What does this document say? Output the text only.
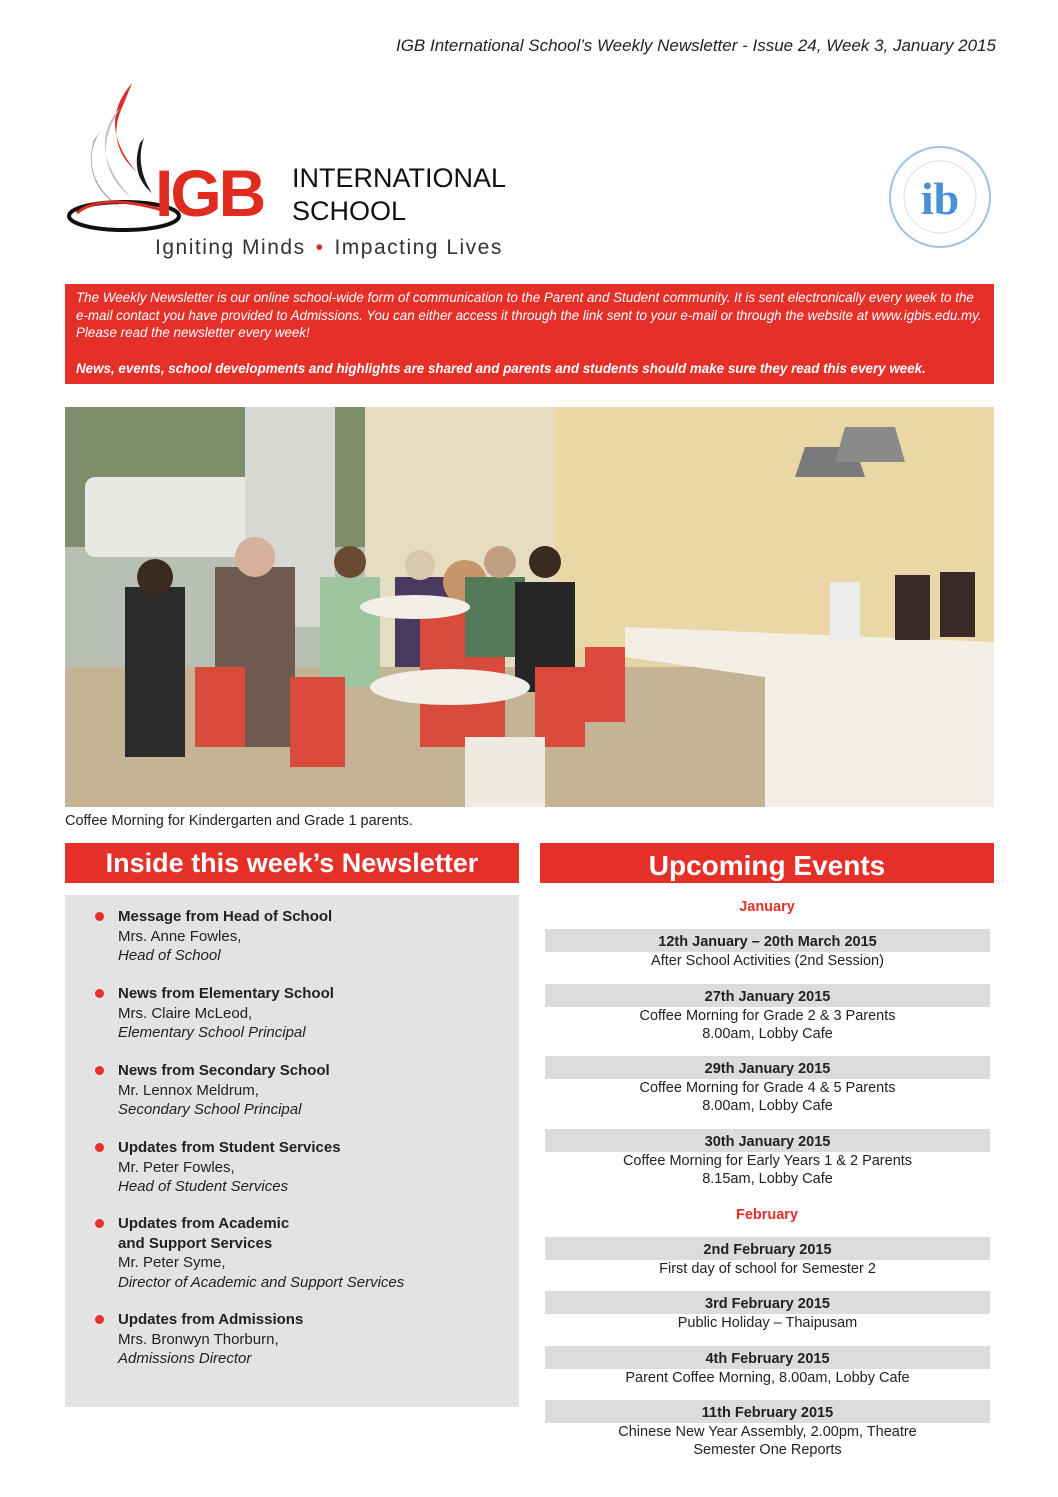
IGB International School’s Weekly Newsletter - Issue 24, Week 3, January 2015
IGB INTERNATIONAL
SCHOOL
Igniting Minds • Impacting Lives
ib

The Weekly Newsletter is our online school-wide form of communication to the Parent and Student community. It is sent electronically every week to the e-mail contact you have provided to Admissions. You can either access it through the link sent to your e-mail or through the website at www.igbis.edu.my. Please read the newsletter every week!

News, events, school developments and highlights are shared and parents and students should make sure they read this every week.

Coffee Morning for Kindergarten and Grade 1 parents.
Inside this week’s Newsletter
Message from Head of School
Mrs. Anne Fowles,
Head of School
News from Elementary School
Mrs. Claire McLeod,
Elementary School Principal
News from Secondary School
Mr. Lennox Meldrum,
Secondary School Principal
Updates from Student Services
Mr. Peter Fowles,
Head of Student Services
Updates from Academic
and Support Services
Mr. Peter Syme,
Director of Academic and Support Services
Updates from Admissions
Mrs. Bronwyn Thorburn,
Admissions Director
Upcoming Events
January
12th January – 20th March 2015
After School Activities (2nd Session)
27th January 2015
Coffee Morning for Grade 2 & 3 Parents
8.00am, Lobby Cafe
29th January 2015
Coffee Morning for Grade 4 & 5 Parents
8.00am, Lobby Cafe
30th January 2015
Coffee Morning for Early Years 1 & 2 Parents
8.15am, Lobby Cafe
February
2nd February 2015
First day of school for Semester 2
3rd February 2015
Public Holiday – Thaipusam
4th February 2015
Parent Coffee Morning, 8.00am, Lobby Cafe
11th February 2015
Chinese New Year Assembly, 2.00pm, Theatre
Semester One Reports
